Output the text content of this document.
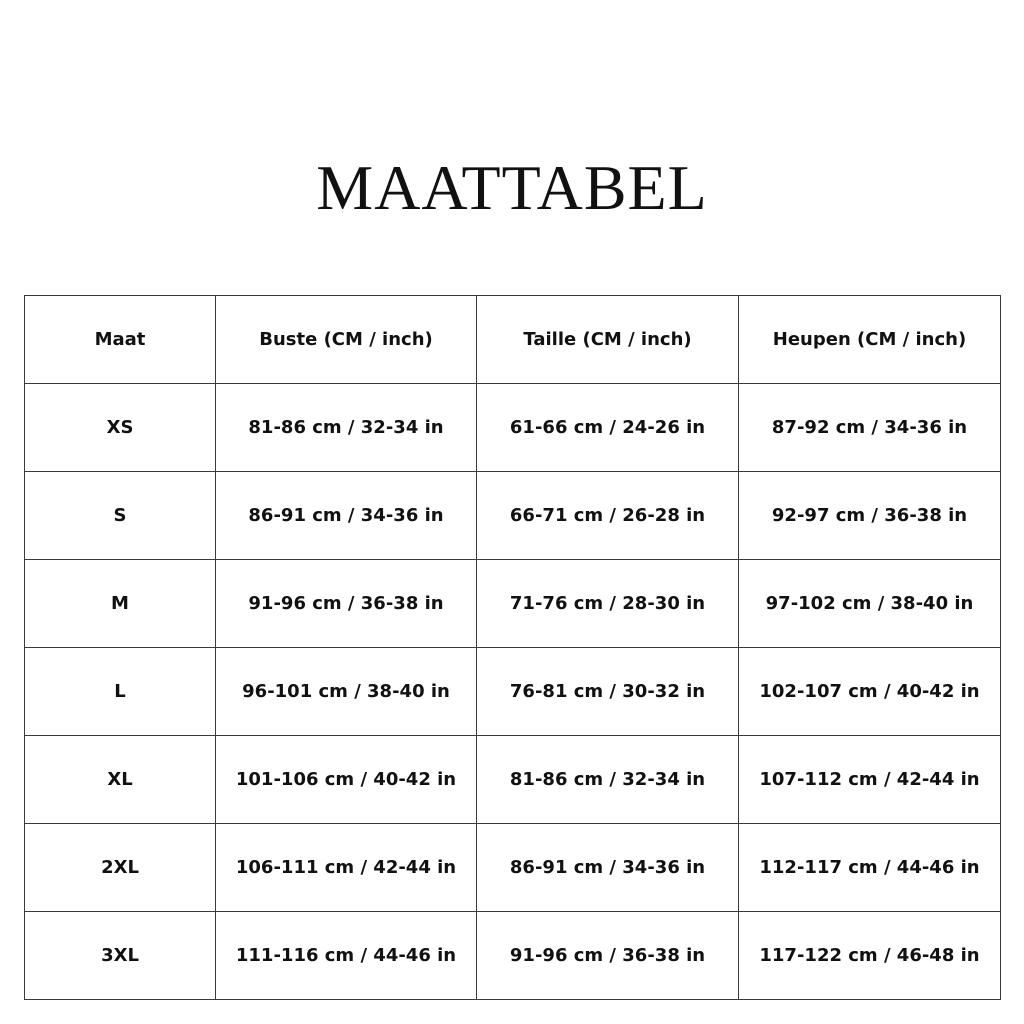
MAATTABEL
Maat	Buste (CM / inch)	Taille (CM / inch)	Heupen (CM / inch)
XS	81-86 cm / 32-34 in	61-66 cm / 24-26 in	87-92 cm / 34-36 in
S	86-91 cm / 34-36 in	66-71 cm / 26-28 in	92-97 cm / 36-38 in
M	91-96 cm / 36-38 in	71-76 cm / 28-30 in	97-102 cm / 38-40 in
L	96-101 cm / 38-40 in	76-81 cm / 30-32 in	102-107 cm / 40-42 in
XL	101-106 cm / 40-42 in	81-86 cm / 32-34 in	107-112 cm / 42-44 in
2XL	106-111 cm / 42-44 in	86-91 cm / 34-36 in	112-117 cm / 44-46 in
3XL	111-116 cm / 44-46 in	91-96 cm / 36-38 in	117-122 cm / 46-48 in
